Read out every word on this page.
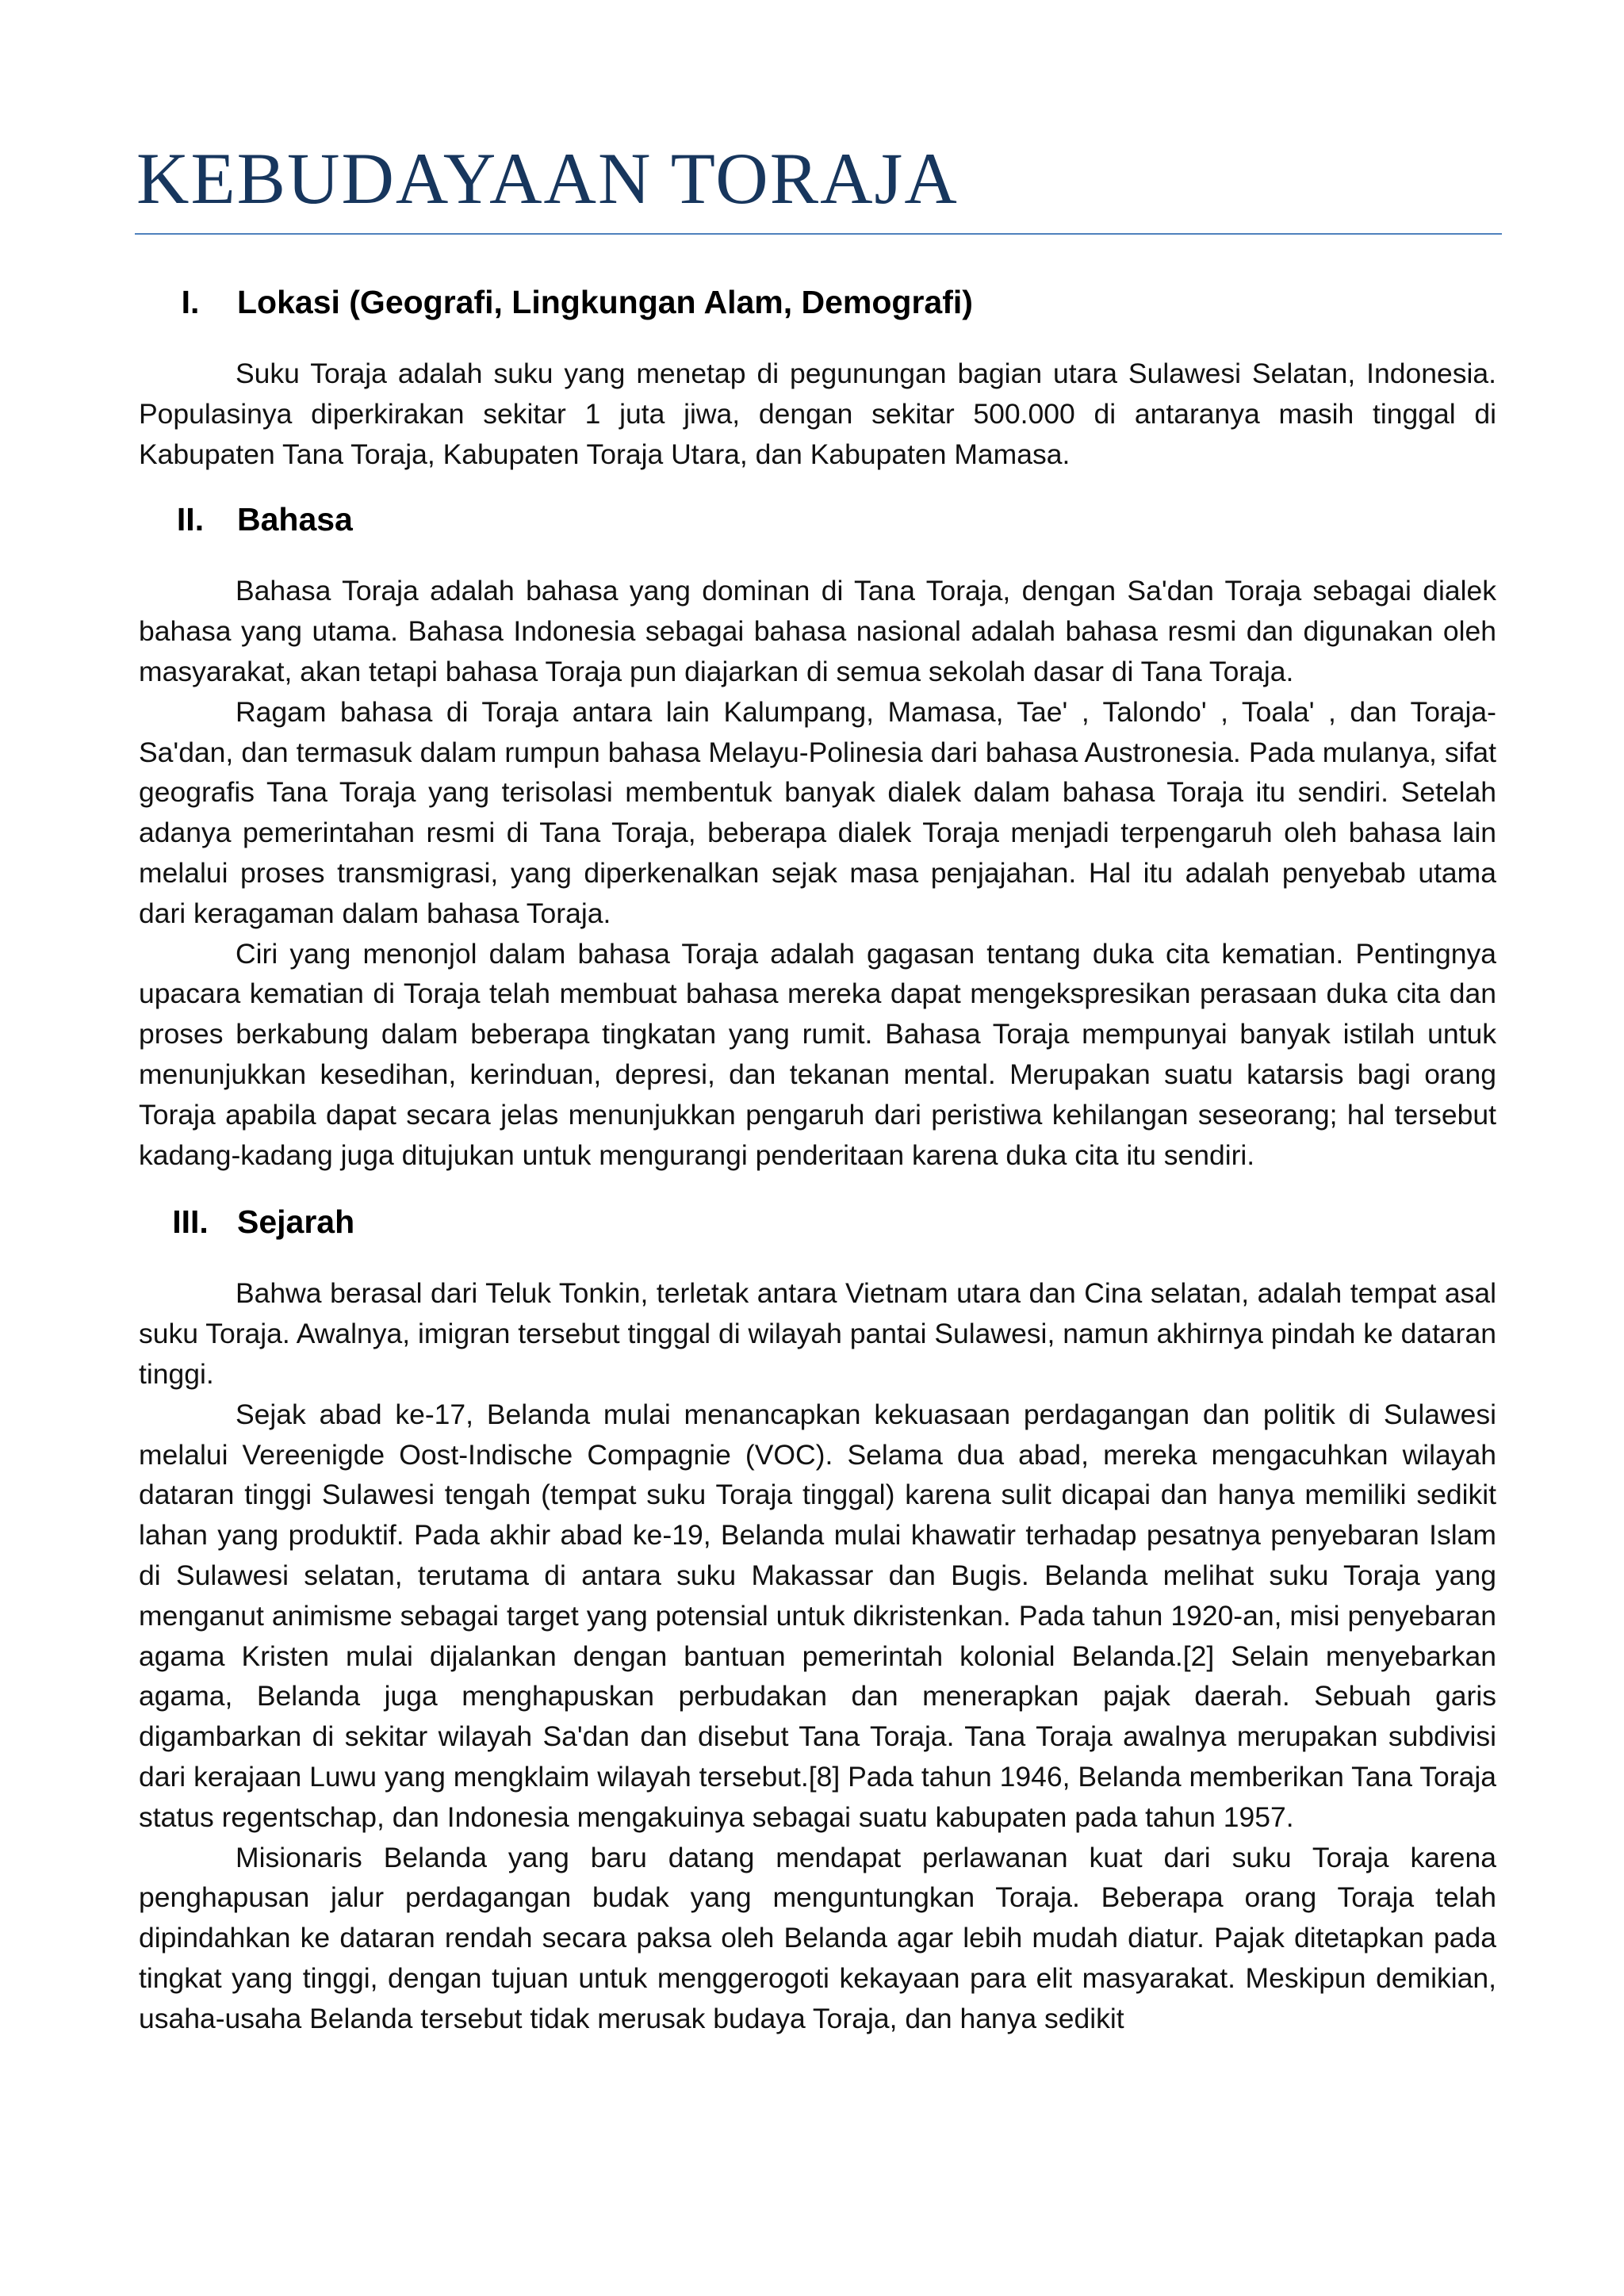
KEBUDAYAAN TORAJA
I.	Lokasi (Geografi, Lingkungan Alam, Demografi)

Suku Toraja adalah suku yang menetap di pegunungan bagian utara Sulawesi Selatan, Indonesia. Populasinya diperkirakan sekitar 1 juta jiwa, dengan sekitar 500.000 di antaranya masih tinggal di Kabupaten Tana Toraja, Kabupaten Toraja Utara, dan Kabupaten Mamasa.

II.	Bahasa

Bahasa Toraja adalah bahasa yang dominan di Tana Toraja, dengan Sa'dan Toraja sebagai dialek bahasa yang utama. Bahasa Indonesia sebagai bahasa nasional adalah bahasa resmi dan digunakan oleh masyarakat, akan tetapi bahasa Toraja pun diajarkan di semua sekolah dasar di Tana Toraja.

Ragam bahasa di Toraja antara lain Kalumpang, Mamasa, Tae' , Talondo' , Toala' , dan Toraja-Sa'dan, dan termasuk dalam rumpun bahasa Melayu-Polinesia dari bahasa Austronesia. Pada mulanya, sifat geografis Tana Toraja yang terisolasi membentuk banyak dialek dalam bahasa Toraja itu sendiri. Setelah adanya pemerintahan resmi di Tana Toraja, beberapa dialek Toraja menjadi terpengaruh oleh bahasa lain melalui proses transmigrasi, yang diperkenalkan sejak masa penjajahan. Hal itu adalah penyebab utama dari keragaman dalam bahasa Toraja.

Ciri yang menonjol dalam bahasa Toraja adalah gagasan tentang duka cita kematian. Pentingnya upacara kematian di Toraja telah membuat bahasa mereka dapat mengekspresikan perasaan duka cita dan proses berkabung dalam beberapa tingkatan yang rumit. Bahasa Toraja mempunyai banyak istilah untuk menunjukkan kesedihan, kerinduan, depresi, dan tekanan mental. Merupakan suatu katarsis bagi orang Toraja apabila dapat secara jelas menunjukkan pengaruh dari peristiwa kehilangan seseorang; hal tersebut kadang-kadang juga ditujukan untuk mengurangi penderitaan karena duka cita itu sendiri.

III. Sejarah

Bahwa berasal dari Teluk Tonkin, terletak antara Vietnam utara dan Cina selatan, adalah tempat asal suku Toraja. Awalnya, imigran tersebut tinggal di wilayah pantai Sulawesi, namun akhirnya pindah ke dataran tinggi.

Sejak abad ke-17, Belanda mulai menancapkan kekuasaan perdagangan dan politik di Sulawesi melalui Vereenigde Oost-Indische Compagnie (VOC). Selama dua abad, mereka mengacuhkan wilayah dataran tinggi Sulawesi tengah (tempat suku Toraja tinggal) karena sulit dicapai dan hanya memiliki sedikit lahan yang produktif. Pada akhir abad ke-19, Belanda mulai khawatir terhadap pesatnya penyebaran Islam di Sulawesi selatan, terutama di antara suku Makassar dan Bugis. Belanda melihat suku Toraja yang menganut animisme sebagai target yang potensial untuk dikristenkan. Pada tahun 1920-an, misi penyebaran agama Kristen mulai dijalankan dengan bantuan pemerintah kolonial Belanda.[2] Selain menyebarkan agama, Belanda juga menghapuskan perbudakan dan menerapkan pajak daerah. Sebuah garis digambarkan di sekitar wilayah Sa'dan dan disebut Tana Toraja. Tana Toraja awalnya merupakan subdivisi dari kerajaan Luwu yang mengklaim wilayah tersebut.[8] Pada tahun 1946, Belanda memberikan Tana Toraja status regentschap, dan Indonesia mengakuinya sebagai suatu kabupaten pada tahun 1957.

Misionaris Belanda yang baru datang mendapat perlawanan kuat dari suku Toraja karena penghapusan jalur perdagangan budak yang menguntungkan Toraja. Beberapa orang Toraja telah dipindahkan ke dataran rendah secara paksa oleh Belanda agar lebih mudah diatur. Pajak ditetapkan pada tingkat yang tinggi, dengan tujuan untuk menggerogoti kekayaan para elit masyarakat. Meskipun demikian, usaha-usaha Belanda tersebut tidak merusak budaya Toraja, dan hanya sedikit
